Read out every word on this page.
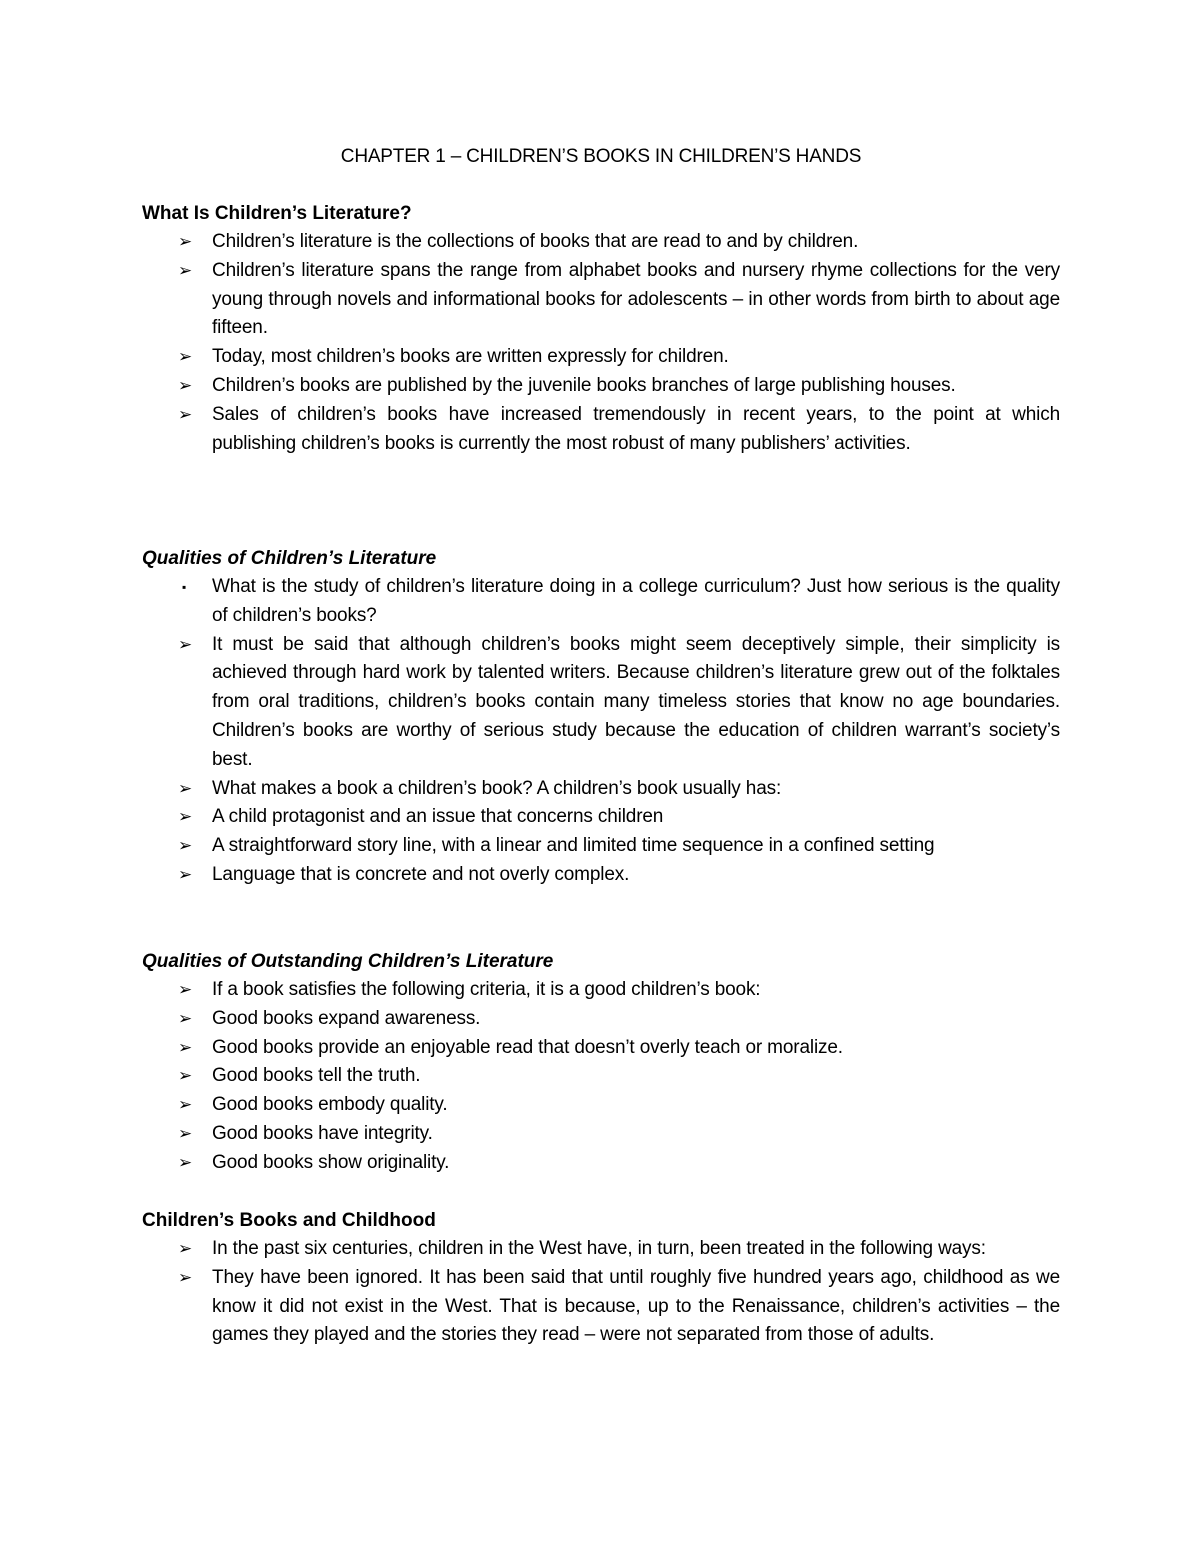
CHAPTER 1 – CHILDREN’S BOOKS IN CHILDREN’S HANDS

What Is Children’s Literature?

➢	Children’s literature is the collections of books that are read to and by children.
➢	Children’s literature spans the range from alphabet books and nursery rhyme collections for the very young through novels and informational books for adolescents – in other words from birth to about age fifteen.
➢	Today, most children’s books are written expressly for children.
➢	Children’s books are published by the juvenile books branches of large publishing houses.
➢	Sales of children’s books have increased tremendously in recent years, to the point at which publishing children’s books is currently the most robust of many publishers’ activities.

Qualities of Children’s Literature

▪	What is the study of children’s literature doing in a college curriculum? Just how serious is the quality of children’s books?
➢	It must be said that although children’s books might seem deceptively simple, their simplicity is achieved through hard work by talented writers. Because children’s literature grew out of the folktales from oral traditions, children’s books contain many timeless stories that know no age boundaries. Children’s books are worthy of serious study because the education of children warrant’s society’s best.
➢	What makes a book a children’s book? A children’s book usually has:
➢	A child protagonist and an issue that concerns children
➢	A straightforward story line, with a linear and limited time sequence in a confined setting
➢	Language that is concrete and not overly complex.

Qualities of Outstanding Children’s Literature

➢	If a book satisfies the following criteria, it is a good children’s book:
➢	Good books expand awareness.
➢	Good books provide an enjoyable read that doesn’t overly teach or moralize.
➢	Good books tell the truth.
➢	Good books embody quality.
➢	Good books have integrity.
➢	Good books show originality.

Children’s Books and Childhood

➢	In the past six centuries, children in the West have, in turn, been treated in the following ways:
➢	They have been ignored. It has been said that until roughly five hundred years ago, childhood as we know it did not exist in the West. That is because, up to the Renaissance, children’s activities – the games they played and the stories they read – were not separated from those of adults.
